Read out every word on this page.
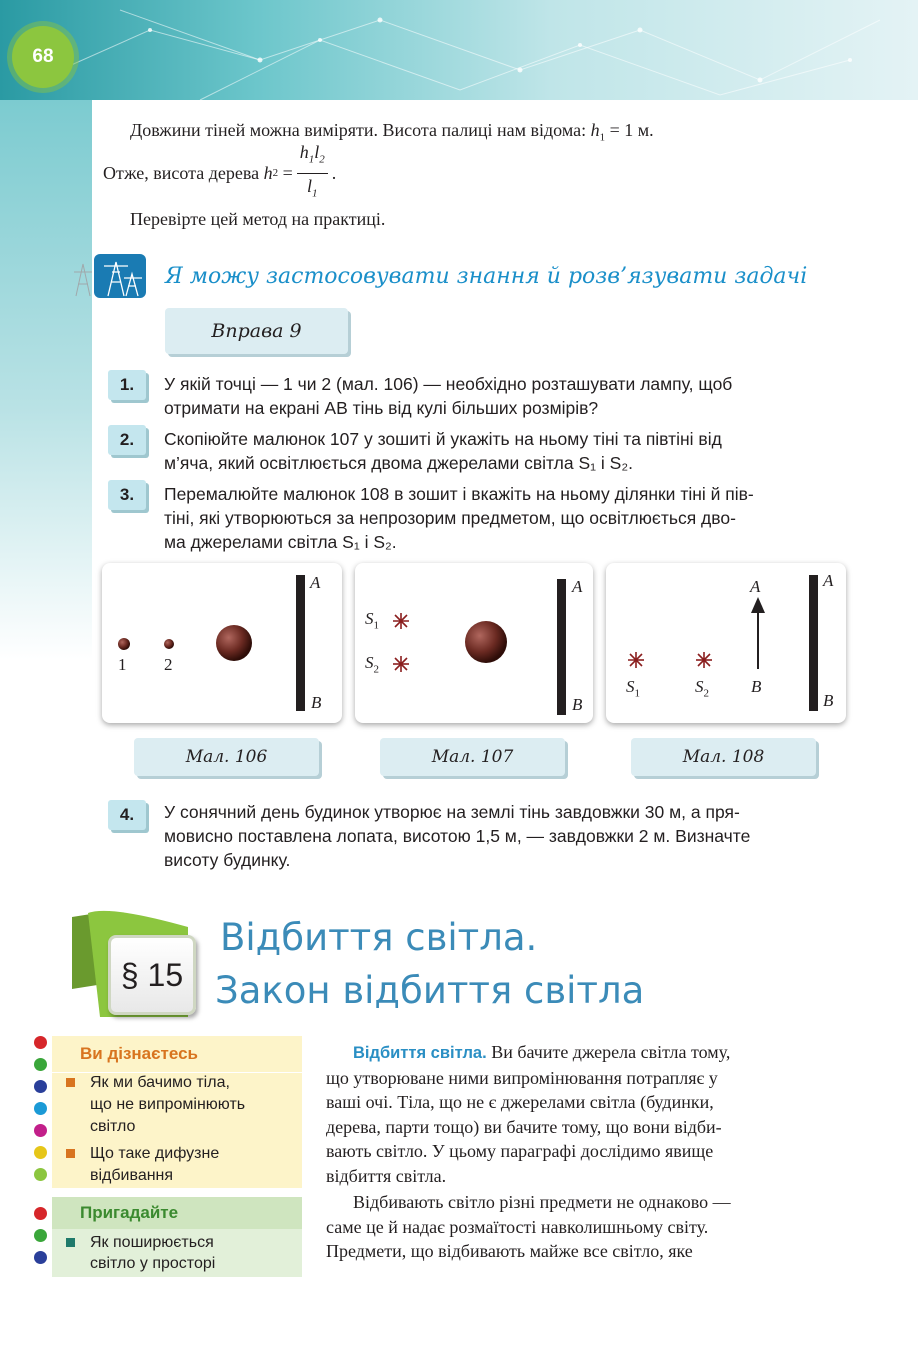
68
Довжини тіней можна виміряти. Висота палиці нам відома: $h_1 = 1$ м.
Отже, висота дерева
h $2 = \frac{h_1l_2}{l_1}$ .
Перевірте цей метод на практиці.
Я можу застосовувати знання й розв’язувати задачі
Вправа 9
1.	У якій точці — 1 чи 2 (мал. 106) — необхідно розташувати лампу, щоб
отримати на екрані AB тінь від кулі більших розмірів?
2.	Скопіюйте малюнок 107 у зошиті й укажіть на ньому тіні та півтіні від
м’яча, який освітлюється двома джерелами світла S₁ і S₂.
3.	Перемалюйте малюнок 108 в зошит і вкажіть на ньому ділянки тіні й пів-
тіні, які утворюються за непрозорим предметом, що освітлюється дво-
ма джерелами світла S₁ і S₂.
1 2
A
B
$S_1$
$S_2$
A
B
$S_1$	$S_2$
A
B
A
B
Мал. 106	Мал. 107	Мал. 108
4.	У сонячний день будинок утворює на землі тінь завдовжки 30 м, а пря-
мовисно поставлена лопата, висотою 1,5 м, — завдовжки 2 м. Визначте
висоту будинку.
§ 15
Відбиття світла.
Закон відбиття світла
Ви дізнаєтесь
Як ми бачимо тіла,
що не випромінюють
світло
Що таке дифузне
відбивання
Пригадайте
Як поширюється
світло у просторі
Відбиття світла. Ви бачите джерела світла тому,
що утворюване ними випромінювання потрапляє у
ваші очі. Тіла, що не є джерелами світла (будинки,
дерева, парти тощо) ви бачите тому, що вони відби-
вають світло. У цьому параграфі дослідимо явище
відбиття світла.
Відбивають світло різні предмети не однаково —
саме це й надає розмаїтості навколишньому світу.
Предмети, що відбивають майже все світло, яке
